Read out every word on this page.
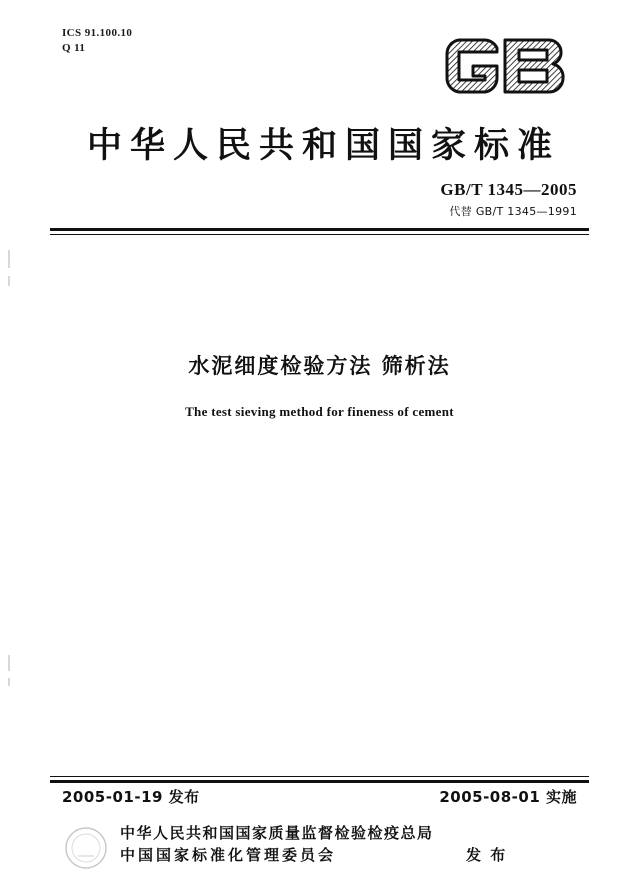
ICS 91.100.10
Q 11
中华人民共和国国家标准
GB/T 1345—2005
代替 GB/T 1345—1991
水泥细度检验方法 筛析法
The test sieving method for fineness of cement
2005-01-19 发布	2005-08-01 实施
中华人民共和国国家质量监督检验检疫总局
中国国家标准化管理委员会	发 布
